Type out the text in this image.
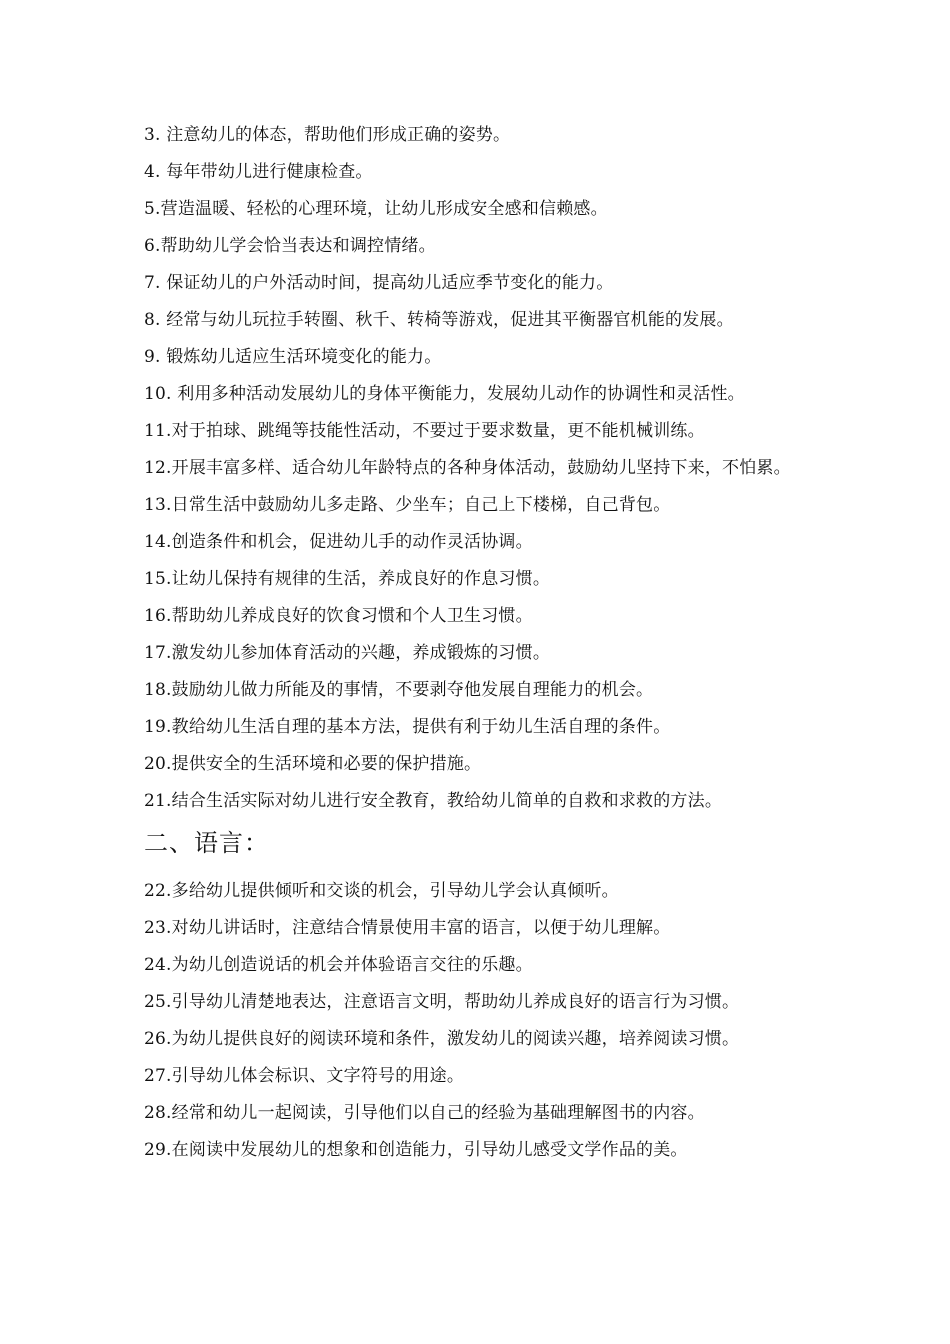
3. 注意幼儿的体态，帮助他们形成正确的姿势。

4. 每年带幼儿进行健康检查。

5.营造温暖、轻松的心理环境，让幼儿形成安全感和信赖感。

6.帮助幼儿学会恰当表达和调控情绪。

7. 保证幼儿的户外活动时间，提高幼儿适应季节变化的能力。

8. 经常与幼儿玩拉手转圈、秋千、转椅等游戏，促进其平衡器官机能的发展。

9. 锻炼幼儿适应生活环境变化的能力。

10. 利用多种活动发展幼儿的身体平衡能力，发展幼儿动作的协调性和灵活性。

11.对于拍球、跳绳等技能性活动，不要过于要求数量，更不能机械训练。

12.开展丰富多样、适合幼儿年龄特点的各种身体活动，鼓励幼儿坚持下来，不怕累。

13.日常生活中鼓励幼儿多走路、少坐车；自己上下楼梯，自己背包。

14.创造条件和机会，促进幼儿手的动作灵活协调。

15.让幼儿保持有规律的生活，养成良好的作息习惯。

16.帮助幼儿养成良好的饮食习惯和个人卫生习惯。

17.激发幼儿参加体育活动的兴趣，养成锻炼的习惯。

18.鼓励幼儿做力所能及的事情，不要剥夺他发展自理能力的机会。

19.教给幼儿生活自理的基本方法，提供有利于幼儿生活自理的条件。

20.提供安全的生活环境和必要的保护措施。

21.结合生活实际对幼儿进行安全教育，教给幼儿简单的自救和求救的方法。

二、语言：

22.多给幼儿提供倾听和交谈的机会，引导幼儿学会认真倾听。

23.对幼儿讲话时，注意结合情景使用丰富的语言，以便于幼儿理解。

24.为幼儿创造说话的机会并体验语言交往的乐趣。

25.引导幼儿清楚地表达，注意语言文明，帮助幼儿养成良好的语言行为习惯。

26.为幼儿提供良好的阅读环境和条件，激发幼儿的阅读兴趣，培养阅读习惯。

27.引导幼儿体会标识、文字符号的用途。

28.经常和幼儿一起阅读，引导他们以自己的经验为基础理解图书的内容。

29.在阅读中发展幼儿的想象和创造能力，引导幼儿感受文学作品的美。
